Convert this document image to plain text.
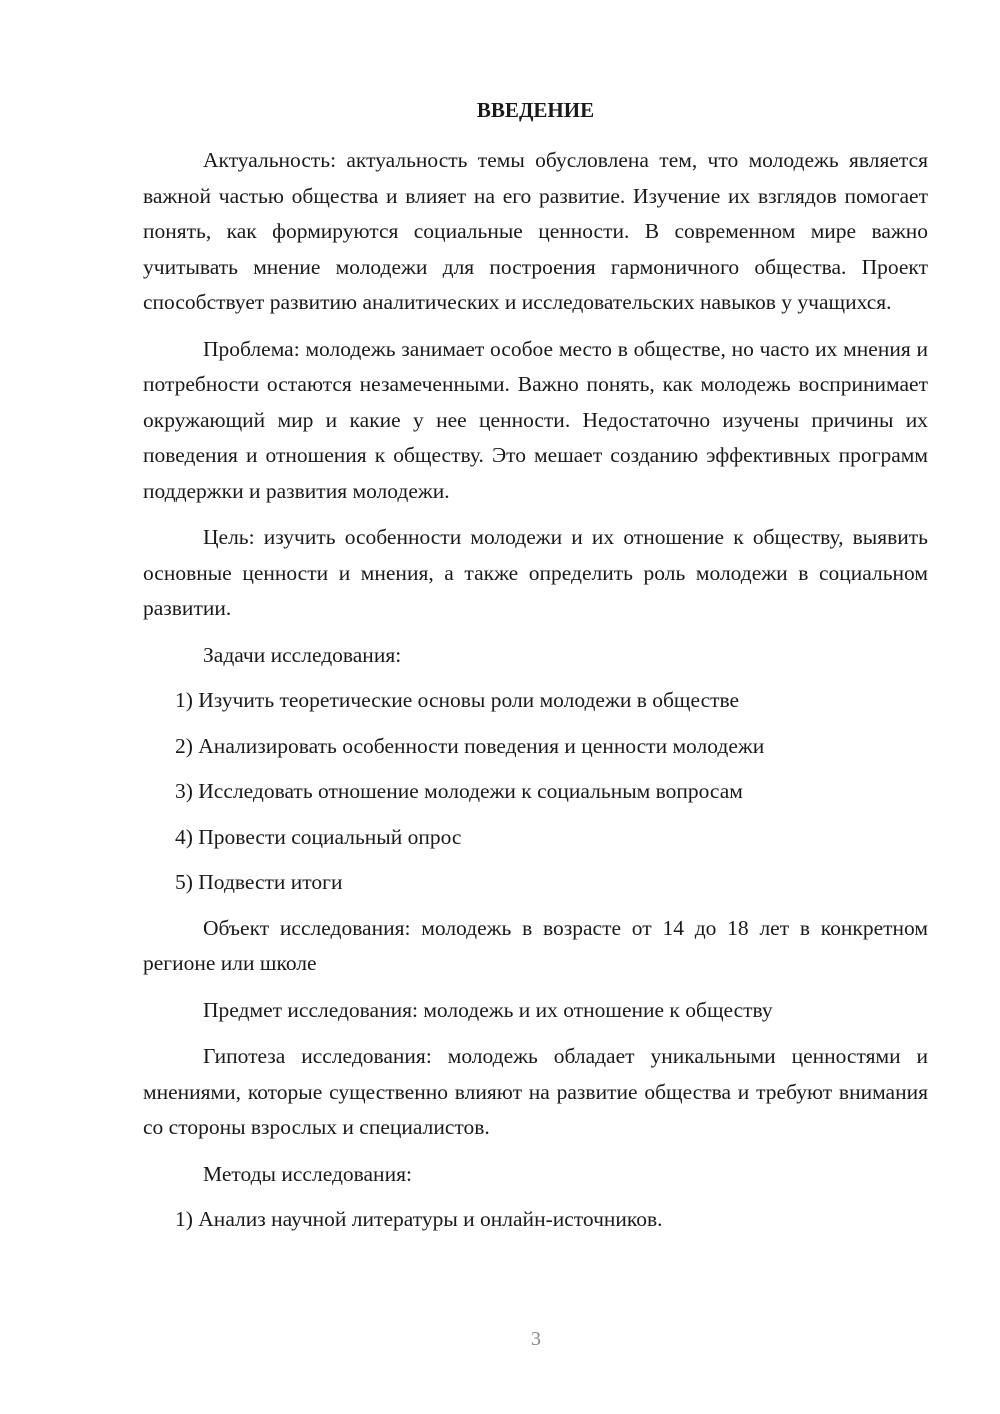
ВВЕДЕНИЕ

Актуальность: актуальность темы обусловлена тем, что молодежь является важной частью общества и влияет на его развитие. Изучение их взглядов помогает понять, как формируются социальные ценности. В современном мире важно учитывать мнение молодежи для построения гармоничного общества. Проект способствует развитию аналитических и исследовательских навыков у учащихся.

Проблема: молодежь занимает особое место в обществе, но часто их мнения и потребности остаются незамеченными. Важно понять, как молодежь воспринимает окружающий мир и какие у нее ценности. Недостаточно изучены причины их поведения и отношения к обществу. Это мешает созданию эффективных программ поддержки и развития молодежи.

Цель: изучить особенности молодежи и их отношение к обществу, выявить основные ценности и мнения, а также определить роль молодежи в социальном развитии.

Задачи исследования:
1) Изучить теоретические основы роли молодежи в обществе
2) Анализировать особенности поведения и ценности молодежи
3) Исследовать отношение молодежи к социальным вопросам
4) Провести социальный опрос
5) Подвести итоги

Объект исследования: молодежь в возрасте от 14 до 18 лет в конкретном регионе или школе

Предмет исследования: молодежь и их отношение к обществу

Гипотеза исследования: молодежь обладает уникальными ценностями и мнениями, которые существенно влияют на развитие общества и требуют внимания со стороны взрослых и специалистов.

Методы исследования:
1) Анализ научной литературы и онлайн-источников.
3
